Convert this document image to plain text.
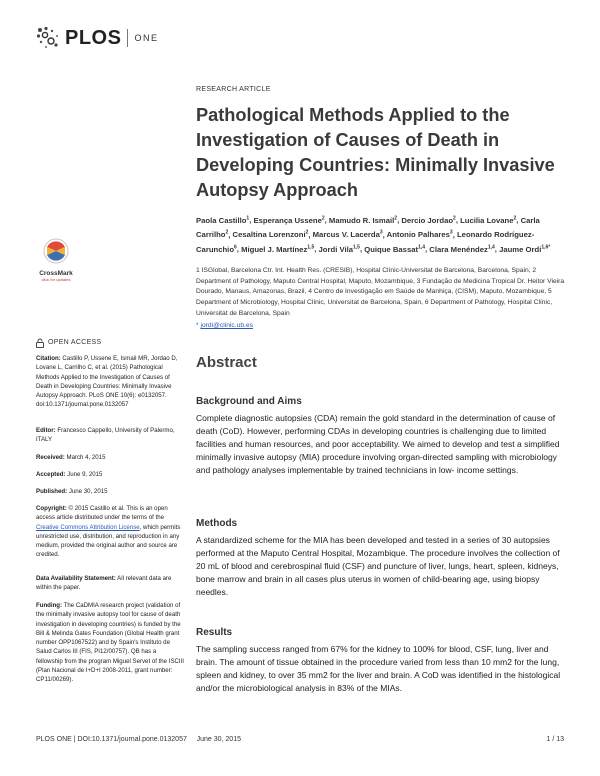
PLOS ONE
RESEARCH ARTICLE
Pathological Methods Applied to the Investigation of Causes of Death in Developing Countries: Minimally Invasive Autopsy Approach
Paola Castillo$^1$, Esperança Ussene$^2$, Mamudo R. Ismail$^2$, Dercio Jordao$^2$, Lucilia Lovane$^2$, Carla Carrilho$^2$, Cesaltina Lorenzoni$^2$, Marcus V. Lacerda$^3$, Antonio Palhares$^3$, Leonardo Rodríguez-Carunchio$^6$, Miguel J. Martínez$^{1,5}$, Jordi Vila$^{1,5}$, Quique Bassat$^{1,4}$, Clara Menéndez$^{1,4}$, Jaume Ordi$^{1,6*}$
1 ISGlobal, Barcelona Ctr. Int. Health Res. (CRESIB), Hospital Clínic-Universitat de Barcelona, Barcelona, Spain, 2 Department of Pathology, Maputo Central Hospital, Maputo, Mozambique, 3 Fundação de Medicina Tropical Dr. Heitor Vieira Dourado, Manaus, Amazonas, Brazil, 4 Centro de Investigação em Saúde de Manhiça, (CISM), Maputo, Mozambique, 5 Department of Microbiology, Hospital Clínic, Universitat de Barcelona, Spain, 6 Department of Pathology, Hospital Clínic, Universitat de Barcelona, Spain
* jordi@clinic.ub.es
Abstract
Background and Aims

Complete diagnostic autopsies (CDA) remain the gold standard in the determination of cause of death (CoD). However, performing CDAs in developing countries is challenging due to limited facilities and human resources, and poor acceptability. We aimed to develop and test a simplified minimally invasive autopsy (MIA) procedure involving organ-directed sampling with microbiology and pathology analyses implementable by trained technicians in low- income settings.

Methods

A standardized scheme for the MIA has been developed and tested in a series of 30 autopsies performed at the Maputo Central Hospital, Mozambique. The procedure involves the collection of 20 mL of blood and cerebrospinal fluid (CSF) and puncture of liver, lungs, heart, spleen, kidneys, bone marrow and brain in all cases plus uterus in women of child-bearing age, using biopsy needles.

Results

The sampling success ranged from 67% for the kidney to 100% for blood, CSF, lung, liver and brain. The amount of tissue obtained in the procedure varied from less than 10 mm2 for the lung, spleen and kidney, to over 35 mm2 for the liver and brain. A CoD was identified in the histological and/or the microbiological analysis in 83% of the MIAs.

CrossMark
click for updates
OPEN ACCESS
Citation: Castillo P, Ussene E, Ismail MR, Jordao D, Lovane L, Carrilho C, et al. (2015) Pathological Methods Applied to the Investigation of Causes of Death in Developing Countries: Minimally Invasive Autopsy Approach. PLoS ONE 10(6): e0132057. doi:10.1371/journal.pone.0132057
Editor: Francesco Cappello, University of Palermo, ITALY
Received: March 4, 2015
Accepted: June 9, 2015
Published: June 30, 2015
Copyright: © 2015 Castillo et al. This is an open access article distributed under the terms of the Creative Commons Attribution License, which permits unrestricted use, distribution, and reproduction in any medium, provided the original author and source are credited.
Data Availability Statement: All relevant data are within the paper.
Funding: The CaDMIA research project (validation of the minimally invasive autopsy tool for cause of death investigation in developing countries) is funded by the Bill & Melinda Gates Foundation (Global Health grant number OPP1067522) and by Spain's Instituto de Salud Carlos III (FIS, PI12/00757). QB has a fellowship from the program Miguel Servet of the ISCIII (Plan Nacional de I+D+I 2008-2011, grant number: CP11/00269).
PLOS ONE | DOI:10.1371/journal.pone.0132057 June 30, 2015	1 / 13
